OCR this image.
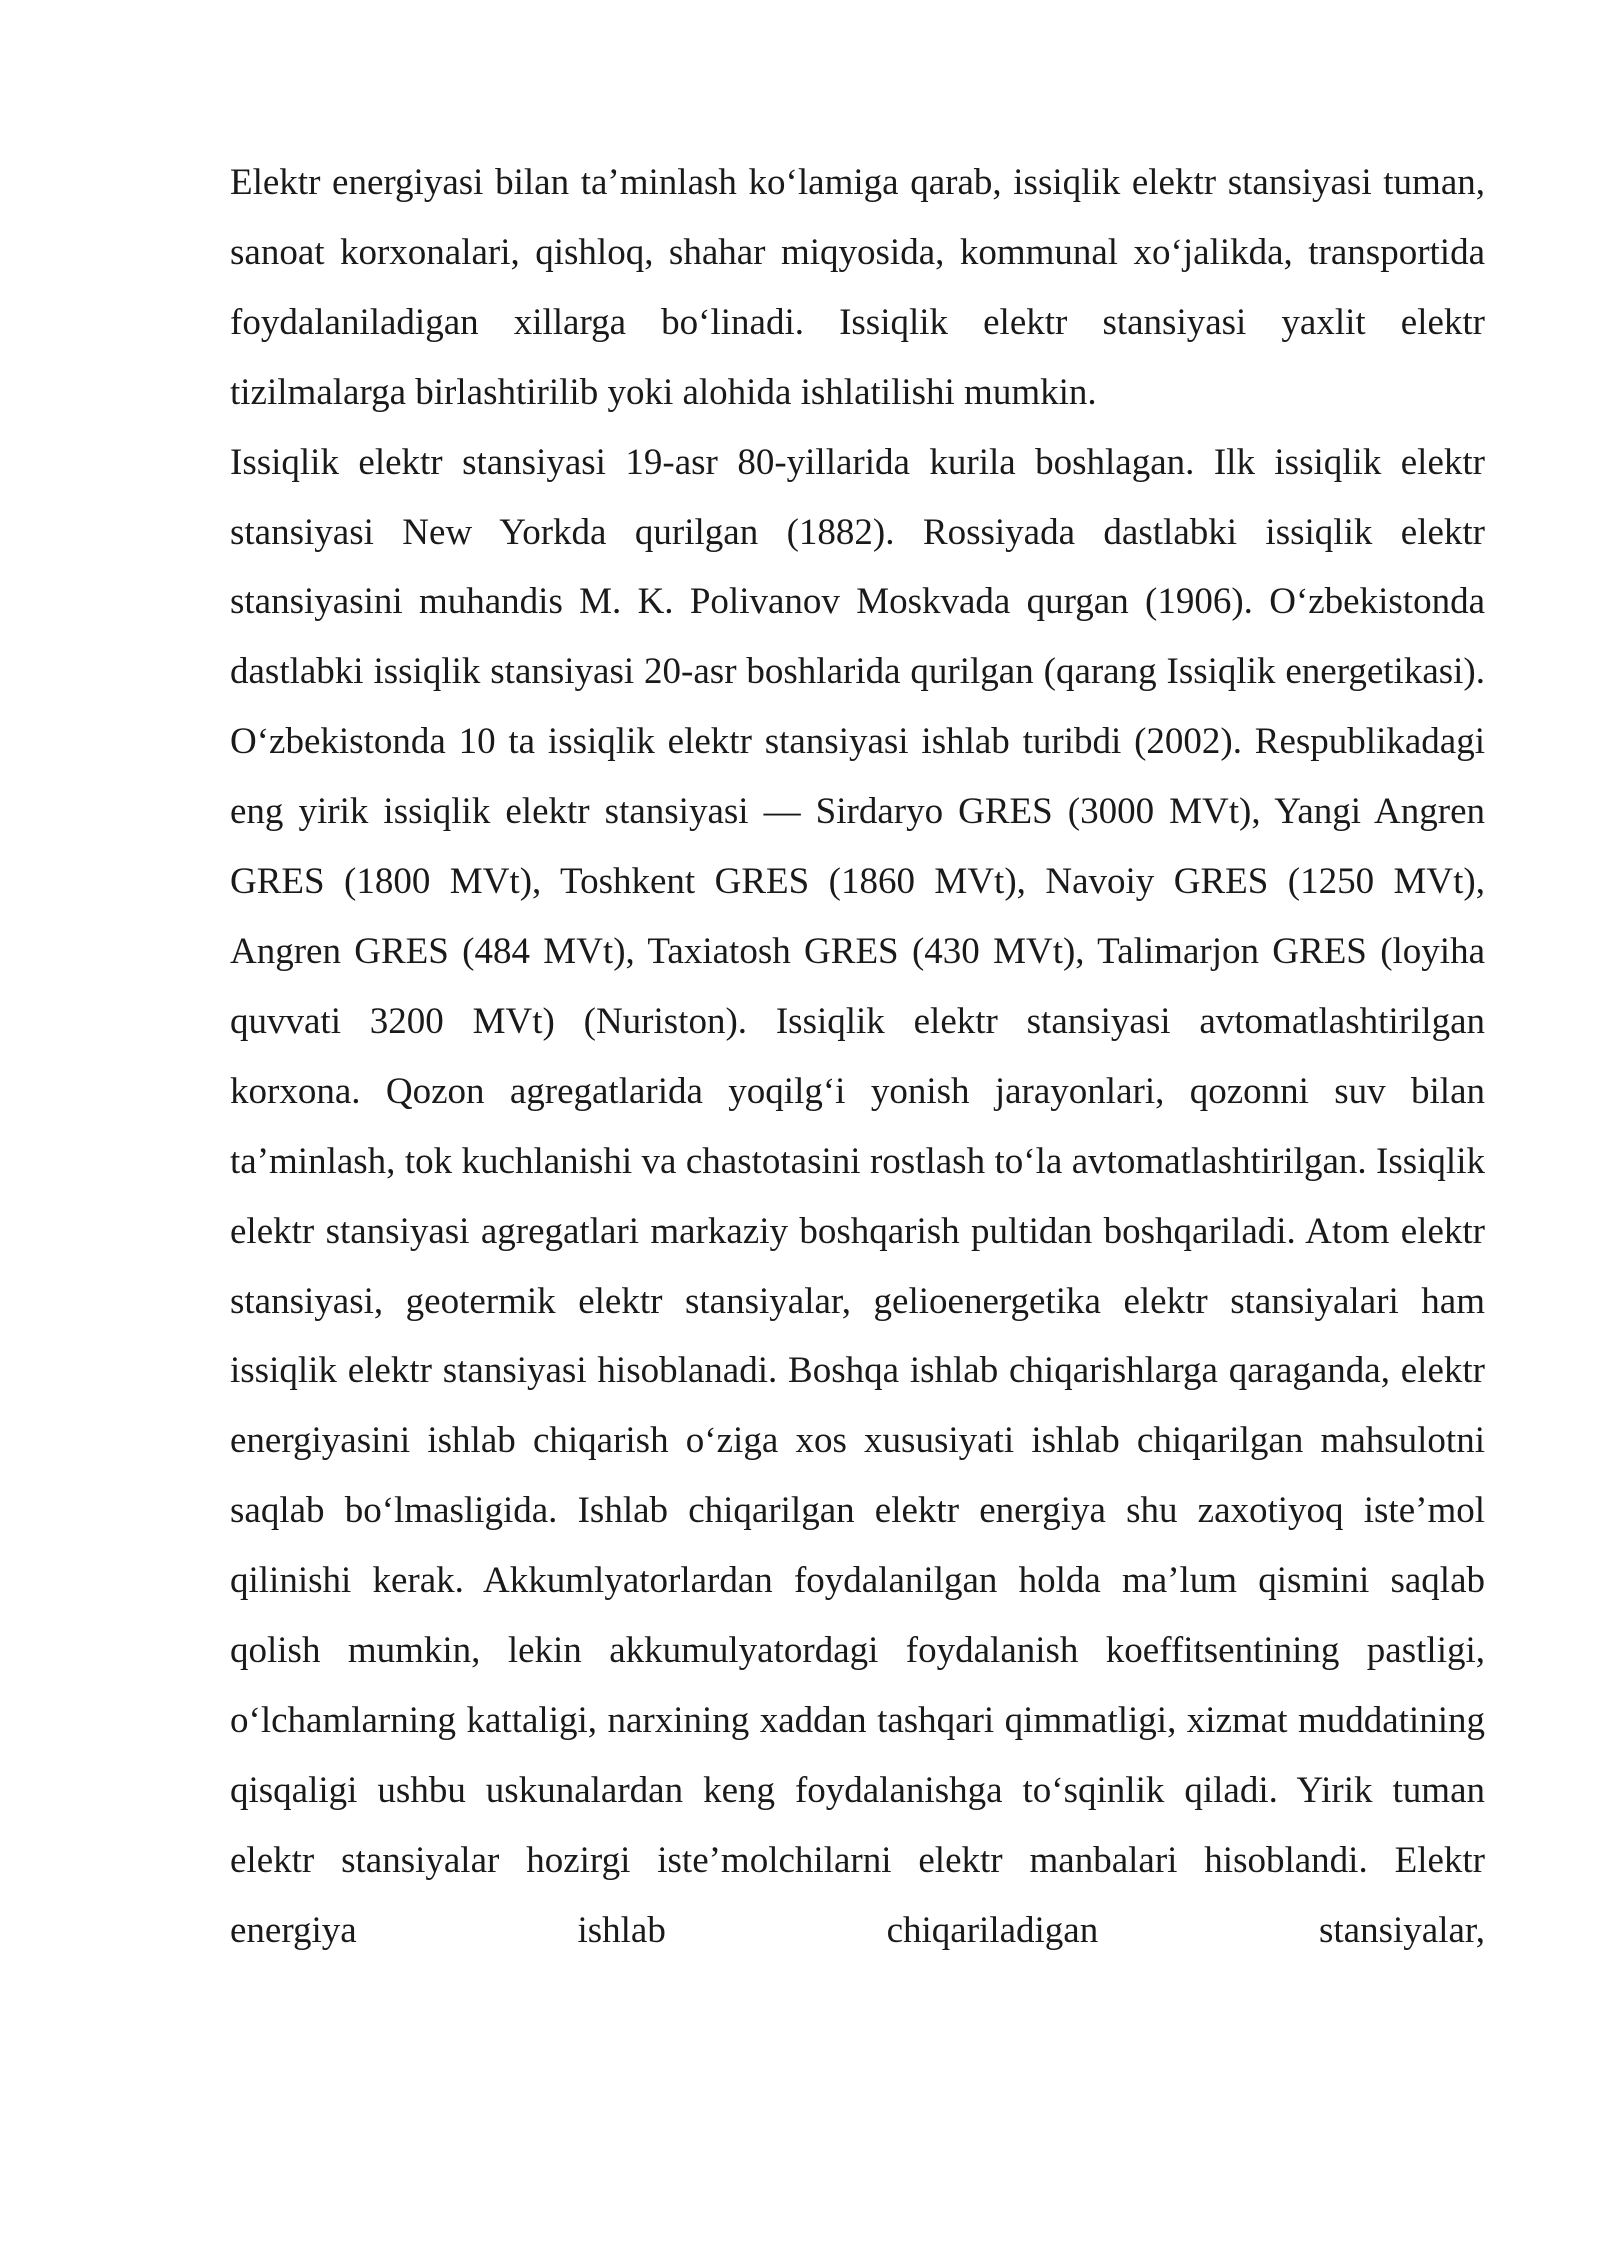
Elektr energiyasi bilan ta’minlash ko‘lamiga qarab, issiqlik elektr stansiyasi tuman, sanoat korxonalari, qishloq, shahar miqyosida, kommunal xo‘jalikda, transportida foydalaniladigan xillarga bo‘linadi. Issiqlik elektr stansiyasi yaxlit elektr tizilmalarga birlashtirilib yoki alohida ishlatilishi mumkin.

Issiqlik elektr stansiyasi 19-asr 80-yillarida kurila boshlagan. Ilk issiqlik elektr stansiyasi New Yorkda qurilgan (1882). Rossiyada dastlabki issiqlik elektr stansiyasini muhandis M. K. Polivanov Moskvada qurgan (1906). O‘zbekistonda dastlabki issiqlik stansiyasi 20-asr boshlarida qurilgan (qarang Issiqlik energetikasi). O‘zbekistonda 10 ta issiqlik elektr stansiyasi ishlab turibdi (2002). Respublikadagi eng yirik issiqlik elektr stansiyasi — Sirdaryo GRES (3000 MVt), Yangi Angren GRES (1800 MVt), Toshkent GRES (1860 MVt), Navoiy GRES (1250 MVt), Angren GRES (484 MVt), Taxiatosh GRES (430 MVt), Talimarjon GRES (loyiha quvvati 3200 MVt) (Nuriston). Issiqlik elektr stansiyasi avtomatlashtirilgan korxona. Qozon agregatlarida yoqilg‘i yonish jarayonlari, qozonni suv bilan ta’minlash, tok kuchlanishi va chastotasini rostlash to‘la avtomatlashtirilgan. Issiqlik elektr stansiyasi agregatlari markaziy boshqarish pultidan boshqariladi. Atom elektr stansiyasi, geotermik elektr stansiyalar, gelioenergetika elektr stansiyalari ham issiqlik elektr stansiyasi hisoblanadi. Boshqa ishlab chiqarishlarga qaraganda, elektr energiyasini ishlab chiqarish o‘ziga xos xususiyati ishlab chiqarilgan mahsulotni saqlab bo‘lmasligida. Ishlab chiqarilgan elektr energiya shu zaxotiyoq iste’mol qilinishi kerak. Akkumlyatorlardan foydalanilgan holda ma’lum qismini saqlab qolish mumkin, lekin akkumulyatordagi foydalanish koeffitsentining pastligi, o‘lchamlarning kattaligi, narxining xaddan tashqari qimmatligi, xizmat muddatining qisqaligi ushbu uskunalardan keng foydalanishga to‘sqinlik qiladi. Yirik tuman elektr stansiyalar hozirgi iste’molchilarni elektr manbalari hisoblandi. Elektr energiya ishlab chiqariladigan stansiyalar,
